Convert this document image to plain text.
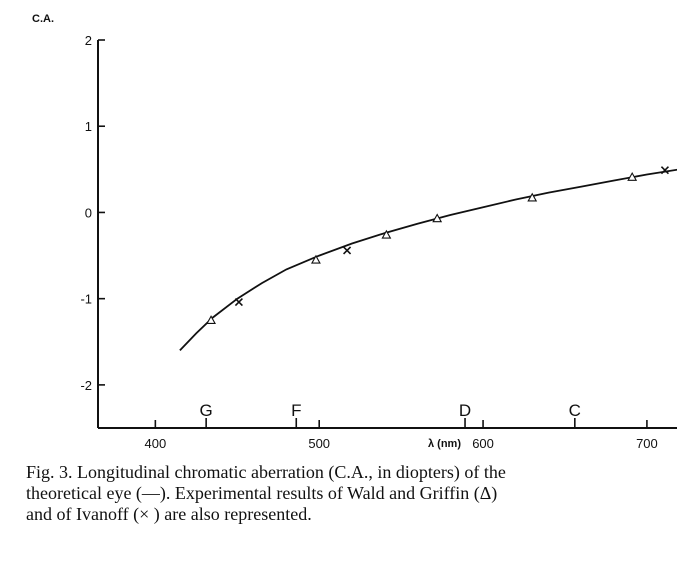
2
1
0
-1
-2
400	500	600	700
G	F	D	C
C.A.
λ (nm)

Fig. 3. Longitudinal chromatic aberration (C.A., in diopters) of the

theoretical eye (—). Experimental results of Wald and Griffin (Δ)

and of Ivanoff (× ) are also represented.
